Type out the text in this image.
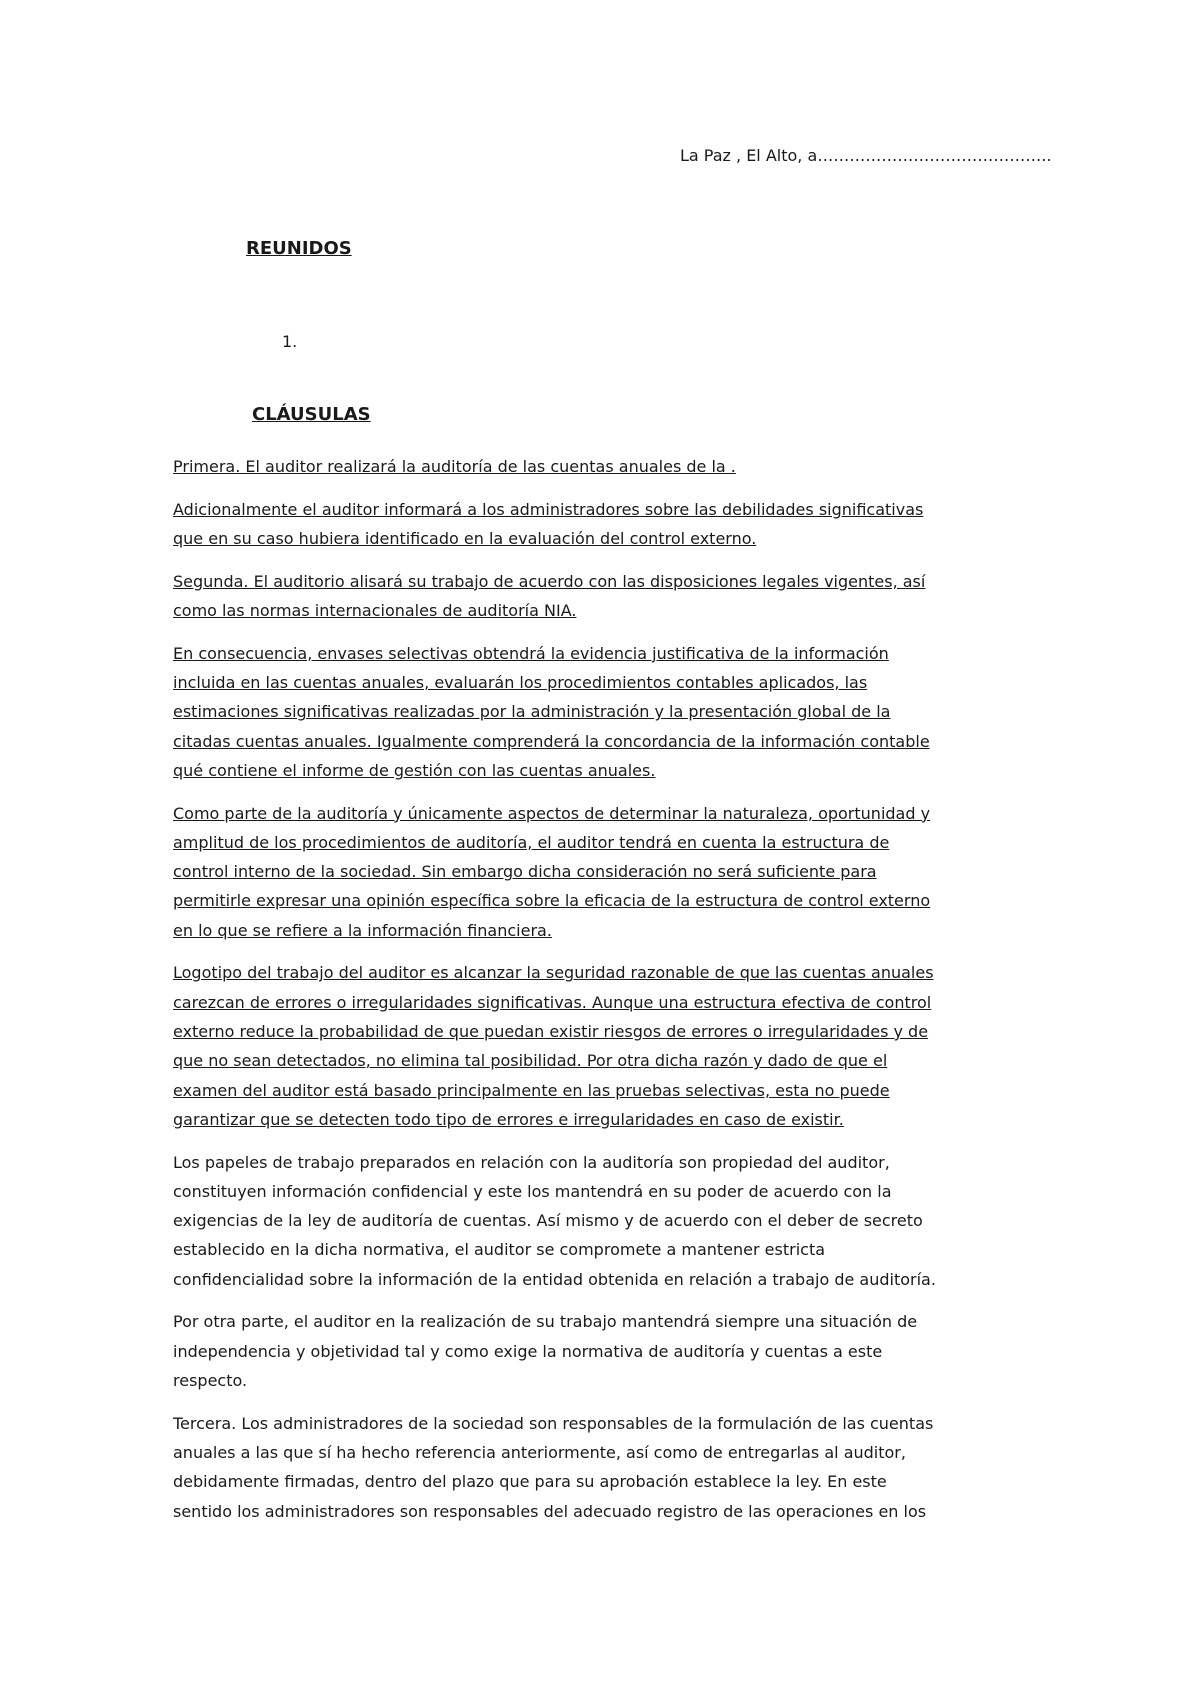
La Paz , El Alto, a……………………………………..
REUNIDOS
1.
CLÁUSULAS

Primera. El auditor realizará la auditoría de las cuentas anuales de la .

Adicionalmente el auditor informará a los administradores sobre las debilidades significativas
que en su caso hubiera identificado en la evaluación del control externo.

Segunda. El auditorio alisará su trabajo de acuerdo con las disposiciones legales vigentes, así
como las normas internacionales de auditoría NIA.

En consecuencia, envases selectivas obtendrá la evidencia justificativa de la información
incluida en las cuentas anuales, evaluarán los procedimientos contables aplicados, las
estimaciones significativas realizadas por la administración y la presentación global de la
citadas cuentas anuales. Igualmente comprenderá la concordancia de la información contable
qué contiene el informe de gestión con las cuentas anuales.

Como parte de la auditoría y únicamente aspectos de determinar la naturaleza, oportunidad y
amplitud de los procedimientos de auditoría, el auditor tendrá en cuenta la estructura de
control interno de la sociedad. Sin embargo dicha consideración no será suficiente para
permitirle expresar una opinión específica sobre la eficacia de la estructura de control externo
en lo que se refiere a la información financiera.

Logotipo del trabajo del auditor es alcanzar la seguridad razonable de que las cuentas anuales
carezcan de errores o irregularidades significativas. Aunque una estructura efectiva de control
externo reduce la probabilidad de que puedan existir riesgos de errores o irregularidades y de
que no sean detectados, no elimina tal posibilidad. Por otra dicha razón y dado de que el
examen del auditor está basado principalmente en las pruebas selectivas, esta no puede
garantizar que se detecten todo tipo de errores e irregularidades en caso de existir.

Los papeles de trabajo preparados en relación con la auditoría son propiedad del auditor,
constituyen información confidencial y este los mantendrá en su poder de acuerdo con la
exigencias de la ley de auditoría de cuentas. Así mismo y de acuerdo con el deber de secreto
establecido en la dicha normativa, el auditor se compromete a mantener estricta
confidencialidad sobre la información de la entidad obtenida en relación a trabajo de auditoría.

Por otra parte, el auditor en la realización de su trabajo mantendrá siempre una situación de
independencia y objetividad tal y como exige la normativa de auditoría y cuentas a este
respecto.

Tercera. Los administradores de la sociedad son responsables de la formulación de las cuentas
anuales a las que sí ha hecho referencia anteriormente, así como de entregarlas al auditor,
debidamente firmadas, dentro del plazo que para su aprobación establece la ley. En este
sentido los administradores son responsables del adecuado registro de las operaciones en los
